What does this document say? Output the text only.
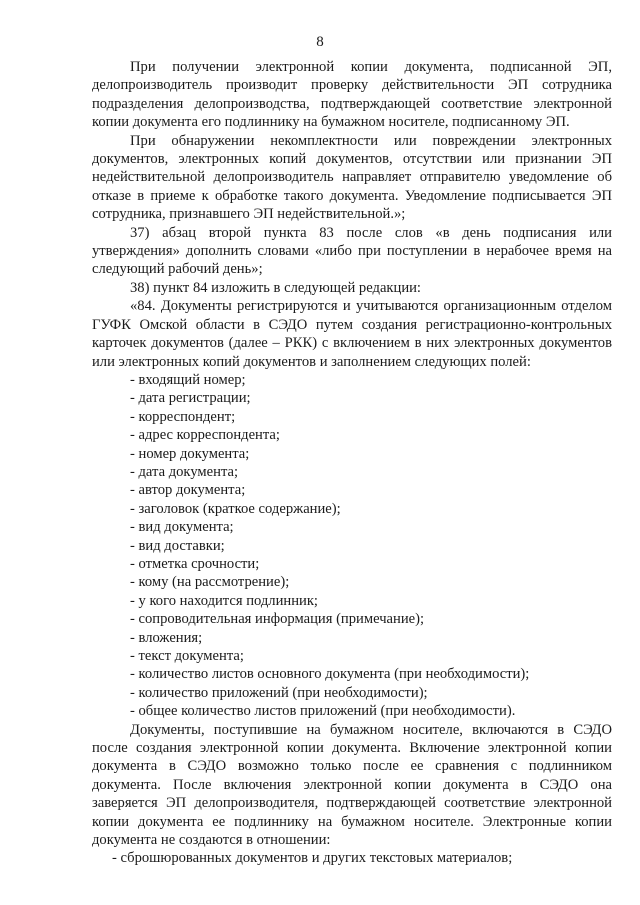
8

При получении электронной копии документа, подписанной ЭП, делопроизводитель производит проверку действительности ЭП сотрудника подразделения делопроизводства, подтверждающей соответствие электронной копии документа его подлиннику на бумажном носителе, подписанному ЭП.

При обнаружении некомплектности или повреждении электронных документов, электронных копий документов, отсутствии или признании ЭП недействительной делопроизводитель направляет отправителю уведомление об отказе в приеме к обработке такого документа. Уведомление подписывается ЭП сотрудника, признавшего ЭП недействительной.»;

37) абзац второй пункта 83 после слов «в день подписания или утверждения» дополнить словами «либо при поступлении в нерабочее время на следующий рабочий день»;

38) пункт 84 изложить в следующей редакции:

«84. Документы регистрируются и учитываются организационным отделом ГУФК Омской области в СЭДО путем создания регистрационно-контрольных карточек документов (далее – РКК) с включением в них электронных документов или электронных копий документов и заполнением следующих полей:

- входящий номер;
- дата регистрации;
- корреспондент;
- адрес корреспондента;
- номер документа;
- дата документа;
- автор документа;
- заголовок (краткое содержание);
- вид документа;
- вид доставки;
- отметка срочности;
- кому (на рассмотрение);
- у кого находится подлинник;
- сопроводительная информация (примечание);
- вложения;
- текст документа;
- количество листов основного документа (при необходимости);
- количество приложений (при необходимости);
- общее количество листов приложений (при необходимости).

Документы, поступившие на бумажном носителе, включаются в СЭДО после создания электронной копии документа. Включение электронной копии документа в СЭДО возможно только после ее сравнения с подлинником документа. После включения электронной копии документа в СЭДО она заверяется ЭП делопроизводителя, подтверждающей соответствие электронной копии документа ее подлиннику на бумажном носителе. Электронные копии документа не создаются в отношении:

- сброшюрованных документов и других текстовых материалов;
